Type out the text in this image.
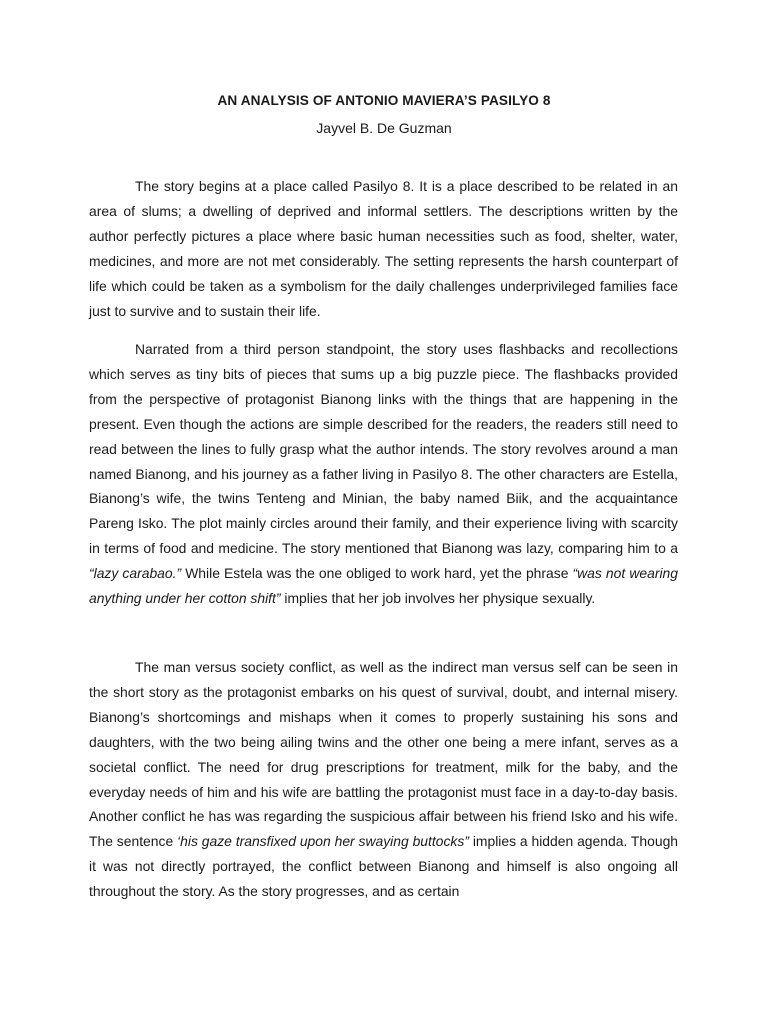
AN ANALYSIS OF ANTONIO MAVIERA’S PASILYO 8
Jayvel B. De Guzman

The story begins at a place called Pasilyo 8. It is a place described to be related in an area of slums; a dwelling of deprived and informal settlers. The descriptions written by the author perfectly pictures a place where basic human necessities such as food, shelter, water, medicines, and more are not met considerably. The setting represents the harsh counterpart of life which could be taken as a symbolism for the daily challenges underprivileged families face just to survive and to sustain their life.

Narrated from a third person standpoint, the story uses flashbacks and recollections which serves as tiny bits of pieces that sums up a big puzzle piece. The flashbacks provided from the perspective of protagonist Bianong links with the things that are happening in the present. Even though the actions are simple described for the readers, the readers still need to read between the lines to fully grasp what the author intends. The story revolves around a man named Bianong, and his journey as a father living in Pasilyo 8. The other characters are Estella, Bianong’s wife, the twins Tenteng and Minian, the baby named Biik, and the acquaintance Pareng Isko. The plot mainly circles around their family, and their experience living with scarcity in terms of food and medicine. The story mentioned that Bianong was lazy, comparing him to a “lazy carabao.” While Estela was the one obliged to work hard, yet the phrase “was not wearing anything under her cotton shift” implies that her job involves her physique sexually.

The man versus society conflict, as well as the indirect man versus self can be seen in the short story as the protagonist embarks on his quest of survival, doubt, and internal misery. Bianong’s shortcomings and mishaps when it comes to properly sustaining his sons and daughters, with the two being ailing twins and the other one being a mere infant, serves as a societal conflict. The need for drug prescriptions for treatment, milk for the baby, and the everyday needs of him and his wife are battling the protagonist must face in a day-to-day basis. Another conflict he has was regarding the suspicious affair between his friend Isko and his wife. The sentence ‘his gaze transfixed upon her swaying buttocks” implies a hidden agenda. Though it was not directly portrayed, the conflict between Bianong and himself is also ongoing all throughout the story. As the story progresses, and as certain
